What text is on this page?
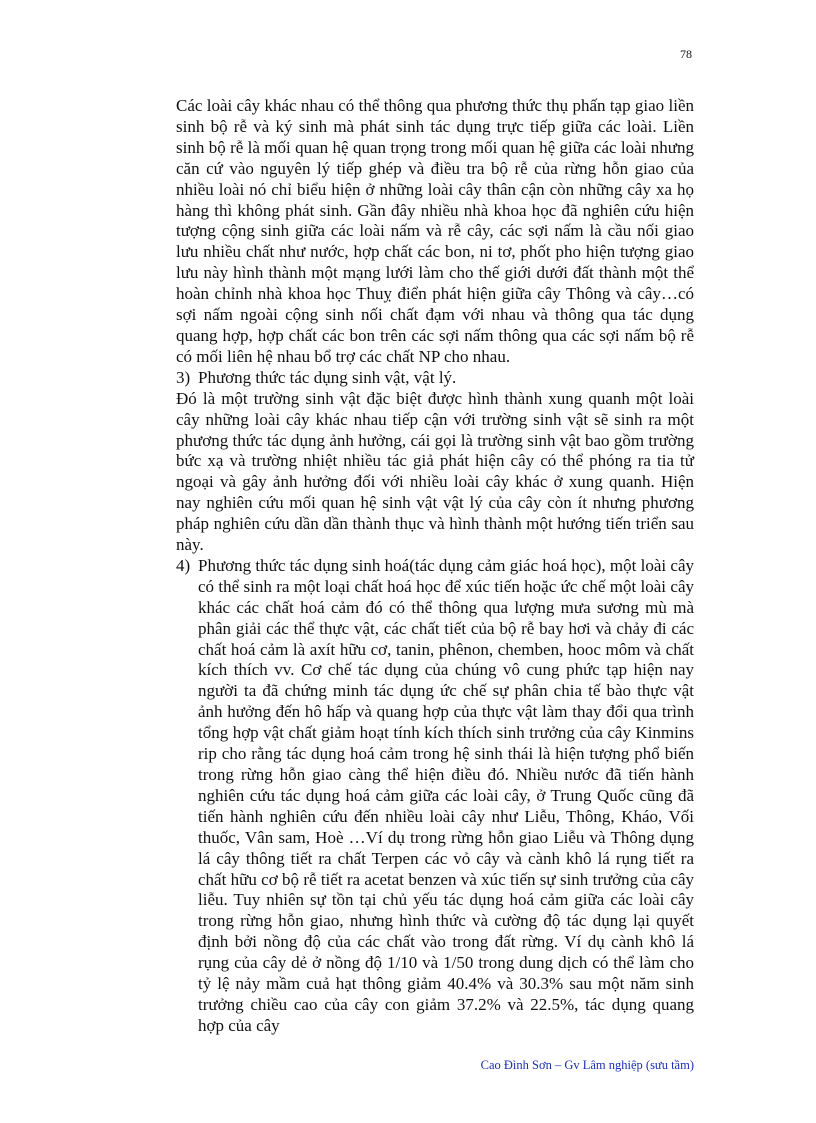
78

Các loài cây khác nhau có thể thông qua phương thức thụ phấn tạp giao liền sinh bộ rễ và ký sinh mà phát sinh tác dụng trực tiếp giữa các loài. Liền sinh bộ rễ là mối quan hệ quan trọng trong mối quan hệ giữa các loài nhưng căn cứ vào nguyên lý tiếp ghép và điều tra bộ rễ của rừng hỗn giao của nhiều loài nó chỉ biểu hiện ở những loài cây thân cận còn những cây xa họ hàng thì không phát sinh. Gần đây nhiều nhà khoa học đã nghiên cứu hiện tượng cộng sinh giữa các loài nấm và rễ cây, các sợi nấm là cầu nối giao lưu nhiều chất như nước, hợp chất các bon, ni tơ, phốt pho hiện tượng giao lưu này hình thành một mạng lưới làm cho thế giới dưới đất thành một thể hoàn chỉnh nhà khoa học Thuỵ điển phát hiện giữa cây Thông và cây…có sợi nấm ngoài cộng sinh nối chất đạm với nhau và thông qua tác dụng quang hợp, hợp chất các bon trên các sợi nấm thông qua các sợi nấm bộ rễ có mối liên hệ nhau bổ trợ các chất NP cho nhau.

3) Phương thức tác dụng sinh vật, vật lý.

Đó là một trường sinh vật đặc biệt được hình thành xung quanh một loài cây những loài cây khác nhau tiếp cận với trường sinh vật sẽ sinh ra một phương thức tác dụng ảnh hưởng, cái gọi là trường sinh vật bao gồm trường bức xạ và trường nhiệt nhiều tác giả phát hiện cây có thể phóng ra tia tử ngoại và gây ảnh hưởng đối với nhiều loài cây khác ở xung quanh. Hiện nay nghiên cứu mối quan hệ sinh vật vật lý của cây còn ít nhưng phương pháp nghiên cứu dần dần thành thục và hình thành một hướng tiến triển sau này.

4) Phương thức tác dụng sinh hoá(tác dụng cảm giác hoá học), một loài cây có thể sinh ra một loại chất hoá học để xúc tiến hoặc ức chế một loài cây khác các chất hoá cảm đó có thể thông qua lượng mưa sương mù mà phân giải các thể thực vật, các chất tiết của bộ rễ bay hơi và chảy đi các chất hoá cảm là axít hữu cơ, tanin, phênon, chemben, hooc môm và chất kích thích vv. Cơ chế tác dụng của chúng vô cung phức tạp hiện nay người ta đã chứng minh tác dụng ức chế sự phân chia tế bào thực vật ảnh hưởng đến hô hấp và quang hợp của thực vật làm thay đổi qua trình tổng hợp vật chất giảm hoạt tính kích thích sinh trưởng của cây Kinmins rip cho rằng tác dụng hoá cảm trong hệ sinh thái là hiện tượng phổ biến trong rừng hỗn giao càng thể hiện điều đó. Nhiều nước đã tiến hành nghiên cứu tác dụng hoá cảm giữa các loài cây, ở Trung Quốc cũng đã tiến hành nghiên cứu đến nhiều loài cây như Liễu, Thông, Kháo, Vối thuốc, Vân sam, Hoè …Ví dụ trong rừng hỗn giao Liễu và Thông dụng lá cây thông tiết ra chất Terpen các vỏ cây và cành khô lá rụng tiết ra chất hữu cơ bộ rễ tiết ra acetat benzen và xúc tiến sự sinh trưởng của cây liễu. Tuy nhiên sự tồn tại chủ yếu tác dụng hoá cảm giữa các loài cây trong rừng hỗn giao, nhưng hình thức và cường độ tác dụng lại quyết định bởi nồng độ của các chất vào trong đất rừng. Ví dụ cành khô lá rụng của cây dẻ ở nồng độ 1/10 và 1/50 trong dung dịch có thể làm cho tỷ lệ nảy mầm cuả hạt thông giảm 40.4% và 30.3% sau một năm sinh trưởng chiều cao của cây con giảm 37.2% và 22.5%, tác dụng quang hợp của cây

Cao Đình Sơn – Gv Lâm nghiệp (sưu tầm)
